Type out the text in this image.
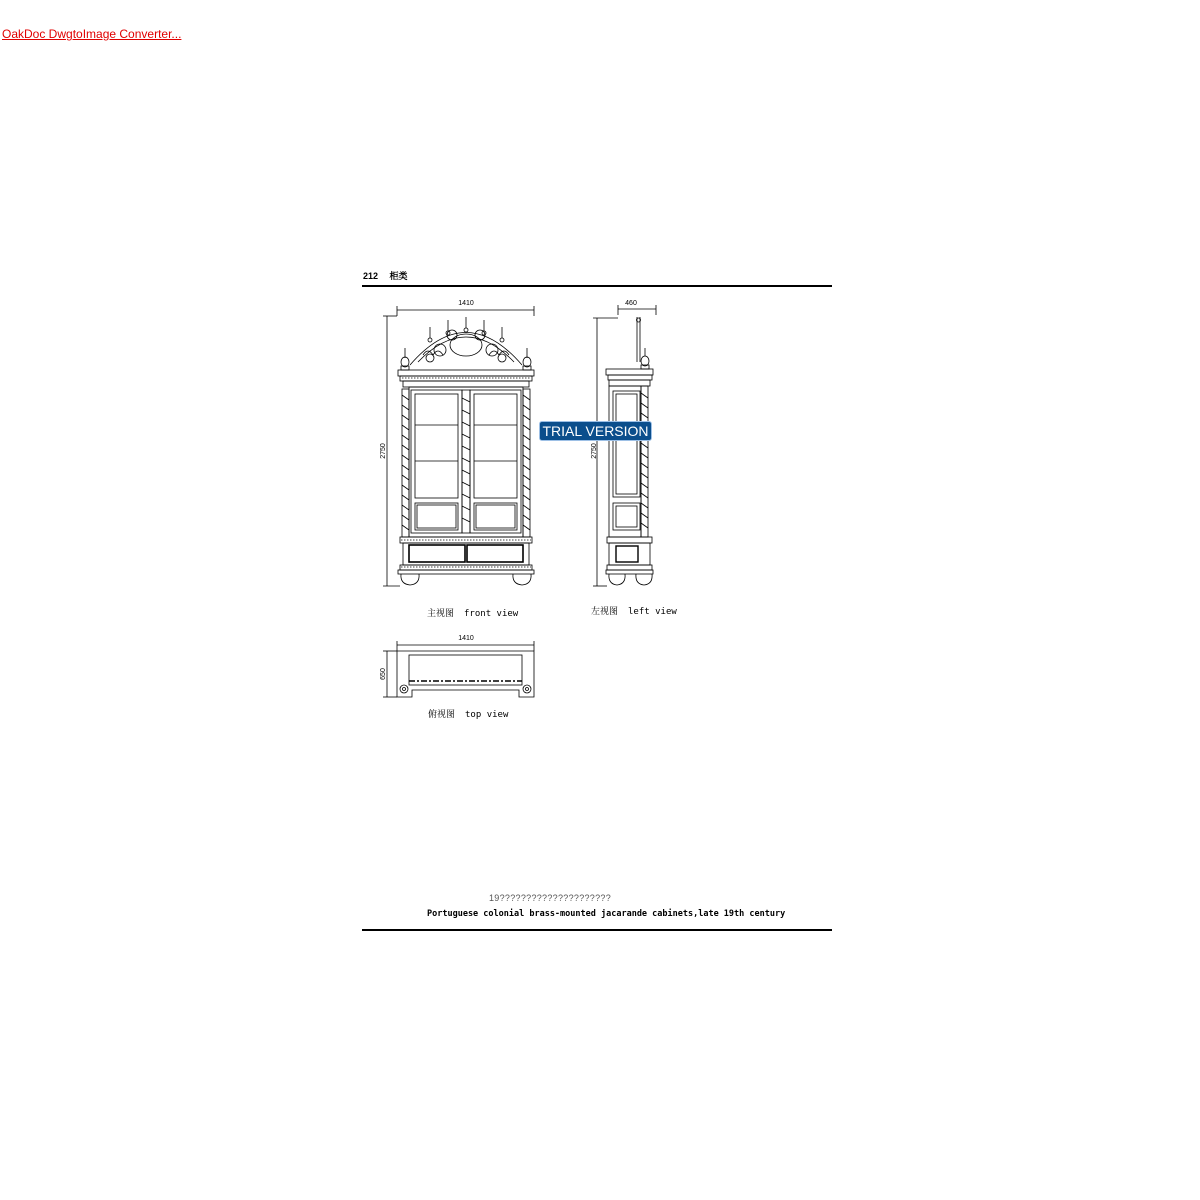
OakDoc DwgtoImage Converter...
212 柜类
1410
2750
460
2750
1410
650
TRIAL VERSION
主视图 front view	左视图 left view
俯视图 top view
19?????????????????????
Portuguese colonial brass-mounted jacarande cabinets,late 19th century
